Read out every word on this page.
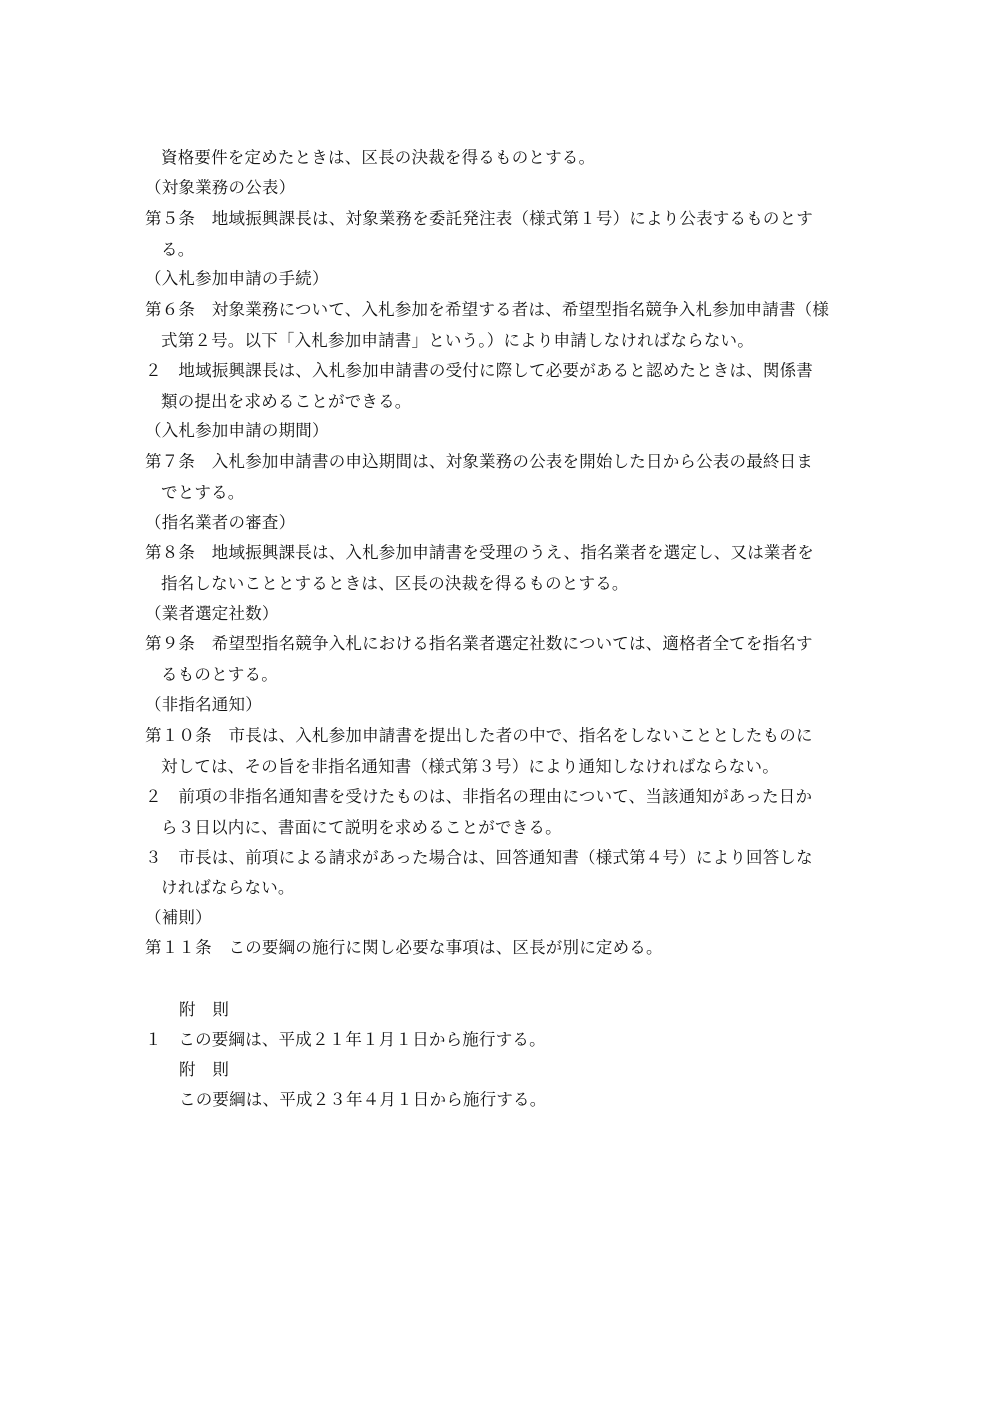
資格要件を定めたときは、区長の決裁を得るものとする。
（対象業務の公表）
第５条　地域振興課長は、対象業務を委託発注表（様式第１号）により公表するものとす
る。
（入札参加申請の手続）
第６条　対象業務について、入札参加を希望する者は、希望型指名競争入札参加申請書（様
式第２号。以下「入札参加申請書」という。）により申請しなければならない。
２　地域振興課長は、入札参加申請書の受付に際して必要があると認めたときは、関係書
類の提出を求めることができる。
（入札参加申請の期間）
第７条　入札参加申請書の申込期間は、対象業務の公表を開始した日から公表の最終日ま
でとする。
（指名業者の審査）
第８条　地域振興課長は、入札参加申請書を受理のうえ、指名業者を選定し、又は業者を
指名しないこととするときは、区長の決裁を得るものとする。
（業者選定社数）
第９条　希望型指名競争入札における指名業者選定社数については、適格者全てを指名す
るものとする。
（非指名通知）
第１０条　市長は、入札参加申請書を提出した者の中で、指名をしないこととしたものに
対しては、その旨を非指名通知書（様式第３号）により通知しなければならない。
２　前項の非指名通知書を受けたものは、非指名の理由について、当該通知があった日か
ら３日以内に、書面にて説明を求めることができる。
３　市長は、前項による請求があった場合は、回答通知書（様式第４号）により回答しな
ければならない。
（補則）
第１１条　この要綱の施行に関し必要な事項は、区長が別に定める。
附　則
１　この要綱は、平成２１年１月１日から施行する。
附　則
この要綱は、平成２３年４月１日から施行する。
